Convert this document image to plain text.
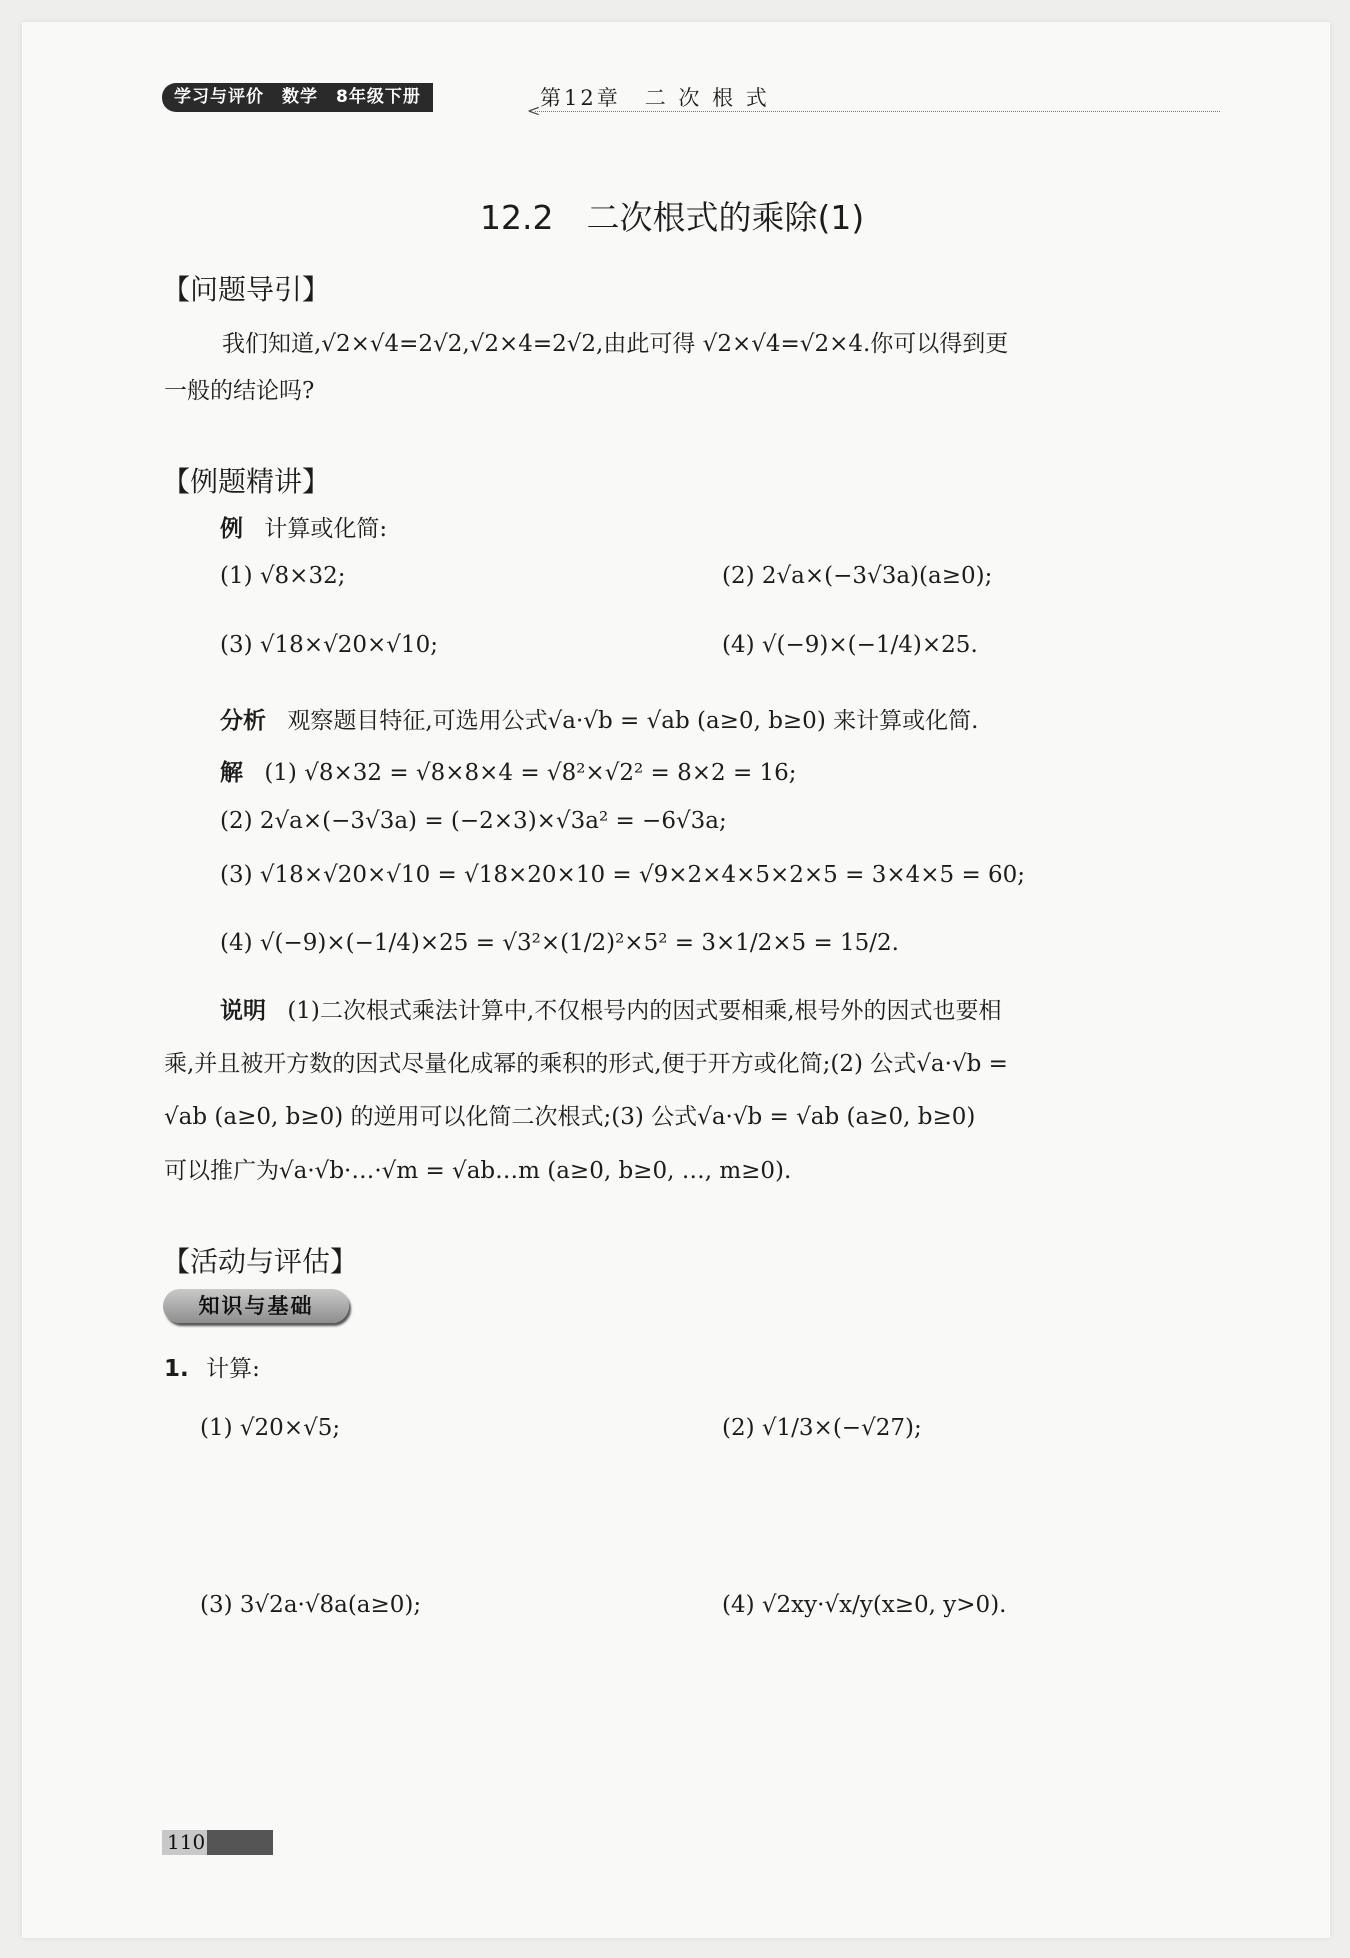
学习与评价　数学　8年级下册	第12章　二 次 根 式
<
12.2　二次根式的乘除(1)
【问题导引】
我们知道,√2×√4=2√2,√2×4=2√2,由此可得 √2×√4=√2×4.你可以得到更
一般的结论吗?
【例题精讲】
例 计算或化简:
(1) √8×32;	(2) 2√a×(−3√3a)(a≥0);
(3) √18×√20×√10;	(4) √(−9)×(−1/4)×25.
分析 观察题目特征,可选用公式√a·√b = √ab (a≥0, b≥0) 来计算或化简.
解 (1) √8×32 = √8×8×4 = √8²×√2² = 8×2 = 16;
(2) 2√a×(−3√3a) = (−2×3)×√3a² = −6√3a;
(3) √18×√20×√10 = √18×20×10 = √9×2×4×5×2×5 = 3×4×5 = 60;
(4) √(−9)×(−1/4)×25 = √3²×(1/2)²×5² = 3×1/2×5 = 15/2.
说明 (1)二次根式乘法计算中,不仅根号内的因式要相乘,根号外的因式也要相
乘,并且被开方数的因式尽量化成幂的乘积的形式,便于开方或化简;(2) 公式√a·√b =
√ab (a≥0, b≥0) 的逆用可以化简二次根式;(3) 公式√a·√b = √ab (a≥0, b≥0)
可以推广为√a·√b·…·√m = √ab…m (a≥0, b≥0, …, m≥0).
【活动与评估】
知识与基础
1. 计算:
(1) √20×√5;	(2) √1/3×(−√27);
(3) 3√2a·√8a(a≥0);	(4) √2xy·√x/y(x≥0, y>0).
110
